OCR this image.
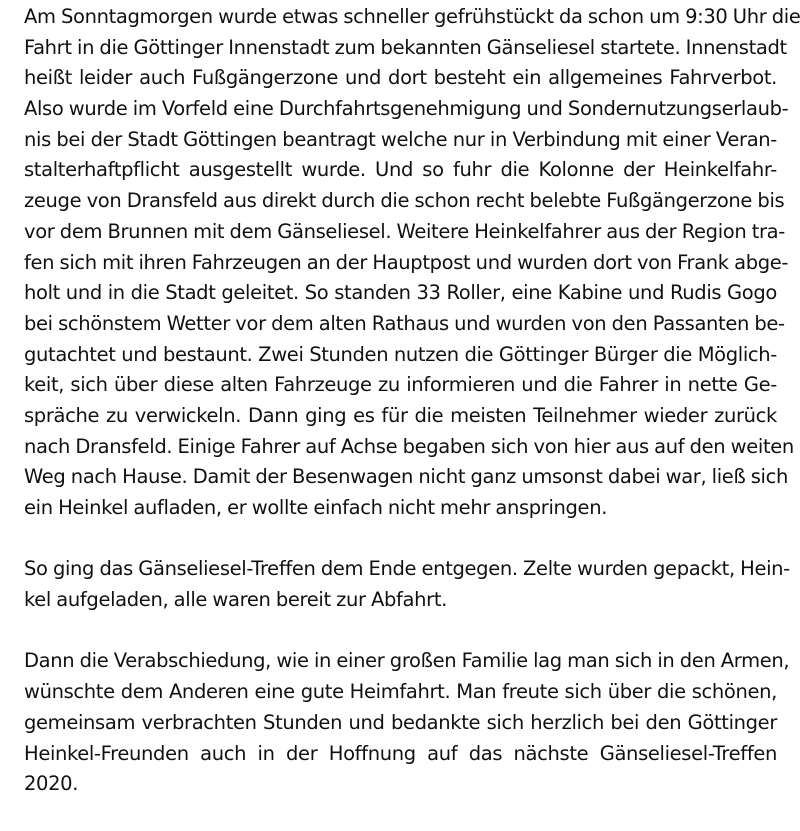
Am Sonntagmorgen wurde etwas schneller gefrühstückt da schon um 9:30 Uhr die
Fahrt in die Göttinger Innenstadt zum bekannten Gänseliesel startete. Innenstadt
heißt leider auch Fußgängerzone und dort besteht ein allgemeines Fahrverbot.
Also wurde im Vorfeld eine Durchfahrtsgenehmigung und Sondernutzungserlaub-
nis bei der Stadt Göttingen beantragt welche nur in Verbindung mit einer Veran-
stalterhaftpflicht ausgestellt wurde. Und so fuhr die Kolonne der Heinkelfahr-
zeuge von Dransfeld aus direkt durch die schon recht belebte Fußgängerzone bis
vor dem Brunnen mit dem Gänseliesel. Weitere Heinkelfahrer aus der Region tra-
fen sich mit ihren Fahrzeugen an der Hauptpost und wurden dort von Frank abge-
holt und in die Stadt geleitet. So standen 33 Roller, eine Kabine und Rudis Gogo
bei schönstem Wetter vor dem alten Rathaus und wurden von den Passanten be-
gutachtet und bestaunt. Zwei Stunden nutzen die Göttinger Bürger die Möglich-
keit, sich über diese alten Fahrzeuge zu informieren und die Fahrer in nette Ge-
spräche zu verwickeln. Dann ging es für die meisten Teilnehmer wieder zurück
nach Dransfeld. Einige Fahrer auf Achse begaben sich von hier aus auf den weiten
Weg nach Hause. Damit der Besenwagen nicht ganz umsonst dabei war, ließ sich
ein Heinkel aufladen, er wollte einfach nicht mehr anspringen.
So ging das Gänseliesel-Treffen dem Ende entgegen. Zelte wurden gepackt, Hein-
kel aufgeladen, alle waren bereit zur Abfahrt.
Dann die Verabschiedung, wie in einer großen Familie lag man sich in den Armen,
wünschte dem Anderen eine gute Heimfahrt. Man freute sich über die schönen,
gemeinsam verbrachten Stunden und bedankte sich herzlich bei den Göttinger
Heinkel-Freunden auch in der Hoffnung auf das nächste Gänseliesel-Treffen
2020.
